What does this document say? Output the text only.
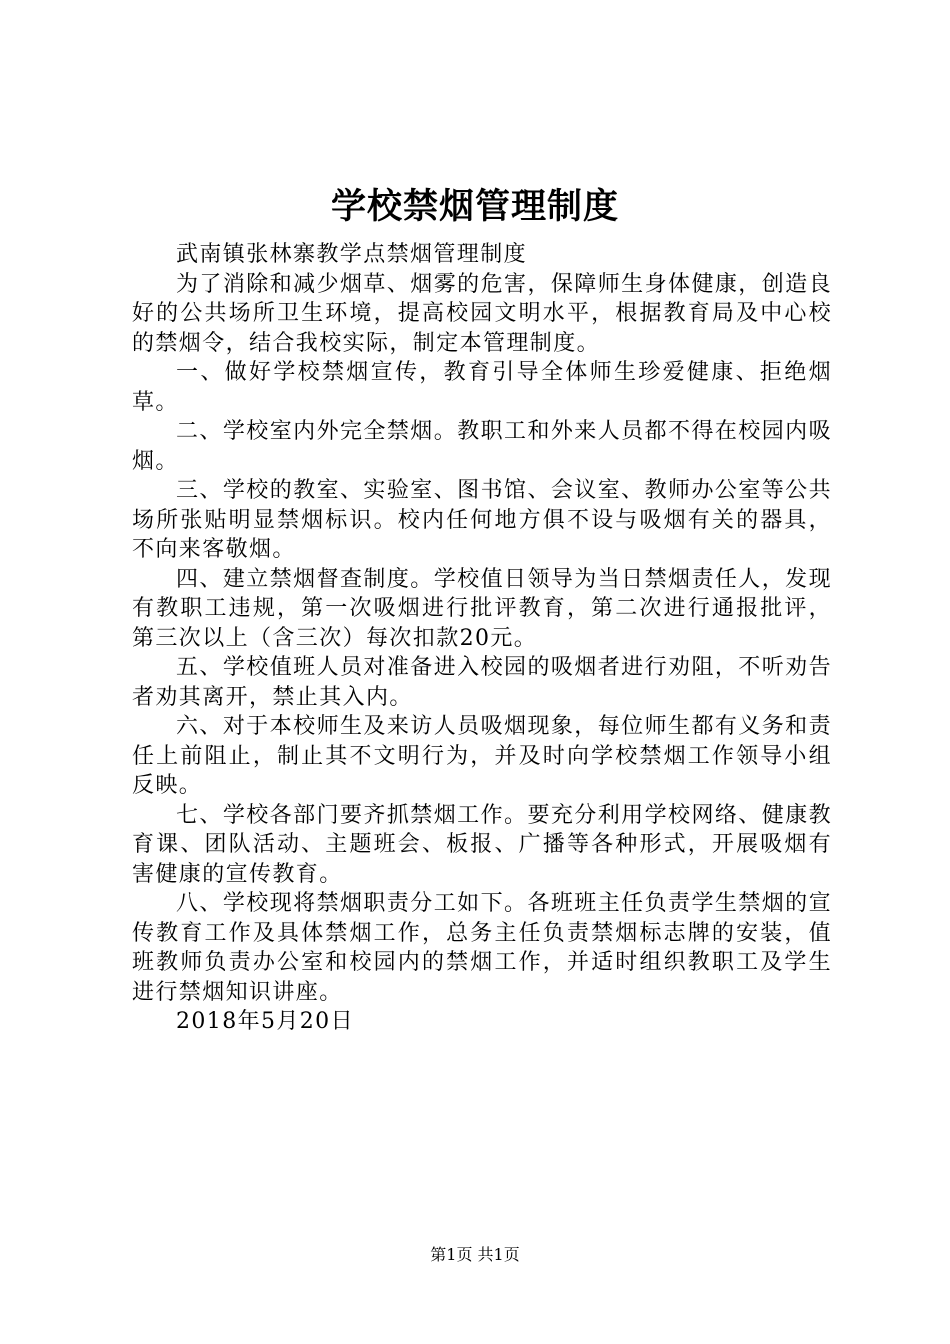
学校禁烟管理制度

武南镇张林寨教学点禁烟管理制度

为了消除和减少烟草、烟雾的危害，保障师生身体健康，创造良好的公共场所卫生环境，提高校园文明水平，根据教育局及中心校的禁烟令，结合我校实际，制定本管理制度。

一、做好学校禁烟宣传，教育引导全体师生珍爱健康、拒绝烟草。

二、学校室内外完全禁烟。教职工和外来人员都不得在校园内吸烟。

三、学校的教室、实验室、图书馆、会议室、教师办公室等公共场所张贴明显禁烟标识。校内任何地方俱不设与吸烟有关的器具，不向来客敬烟。

四、建立禁烟督查制度。学校值日领导为当日禁烟责任人，发现有教职工违规，第一次吸烟进行批评教育，第二次进行通报批评，第三次以上（含三次）每次扣款20元。

五、学校值班人员对准备进入校园的吸烟者进行劝阻，不听劝告者劝其离开，禁止其入内。

六、对于本校师生及来访人员吸烟现象，每位师生都有义务和责任上前阻止，制止其不文明行为，并及时向学校禁烟工作领导小组反映。

七、学校各部门要齐抓禁烟工作。要充分利用学校网络、健康教育课、团队活动、主题班会、板报、广播等各种形式，开展吸烟有害健康的宣传教育。

八、学校现将禁烟职责分工如下。各班班主任负责学生禁烟的宣传教育工作及具体禁烟工作，总务主任负责禁烟标志牌的安装，值班教师负责办公室和校园内的禁烟工作，并适时组织教职工及学生进行禁烟知识讲座。

2018年5月20日

第1页 共1页
